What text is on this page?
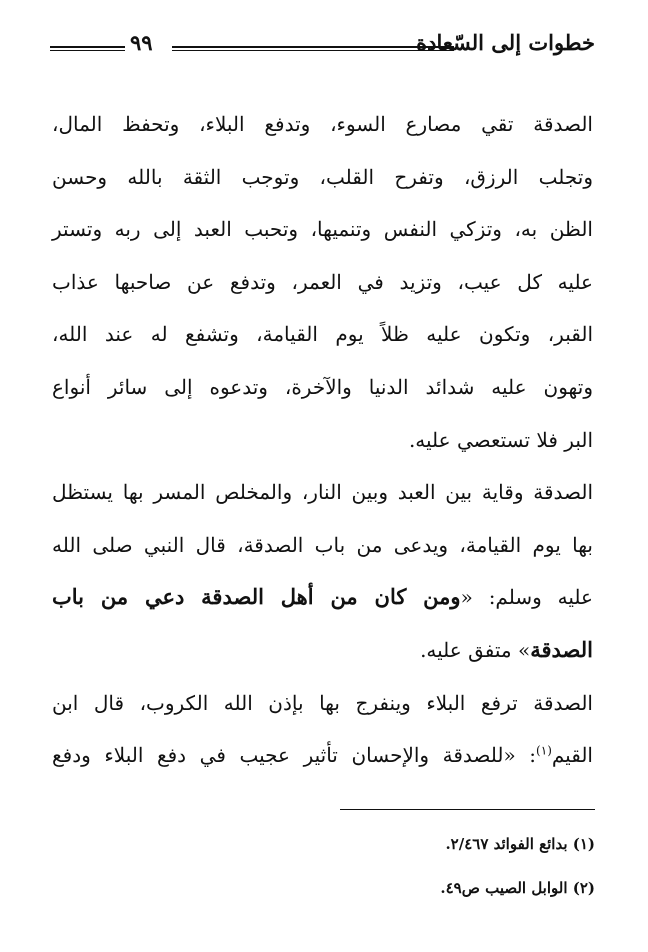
٩٩	خطوات إلى السّعادة
الصدقة تقي مصارع السوء، وتدفع البلاء، وتحفظ المال،
وتجلب الرزق، وتفرح القلب، وتوجب الثقة بالله وحسن
الظن به، وتزكي النفس وتنميها، وتحبب العبد إلى ربه وتستر
عليه كل عيب، وتزيد في العمر، وتدفع عن صاحبها عذاب
القبر، وتكون عليه ظلاً يوم القيامة، وتشفع له عند الله،
وتهون عليه شدائد الدنيا والآخرة، وتدعوه إلى سائر أنواع
البر فلا تستعصي عليه.
الصدقة وقاية بين العبد وبين النار، والمخلص المسر بها يستظل
بها يوم القيامة، ويدعى من باب الصدقة، قال النبي صلى الله
عليه وسلم: «ومن كان من أهل الصدقة دعي من باب
الصدقة» متفق عليه.
الصدقة ترفع البلاء وينفرج بها بإذن الله الكروب، قال ابن
القيم$^{(١)}$: «للصدقة والإحسان تأثير عجيب في دفع البلاء ودفع
(١) بدائع الفوائد ٢/٤٦٧.
(٢) الوابل الصيب ص٤٩.
